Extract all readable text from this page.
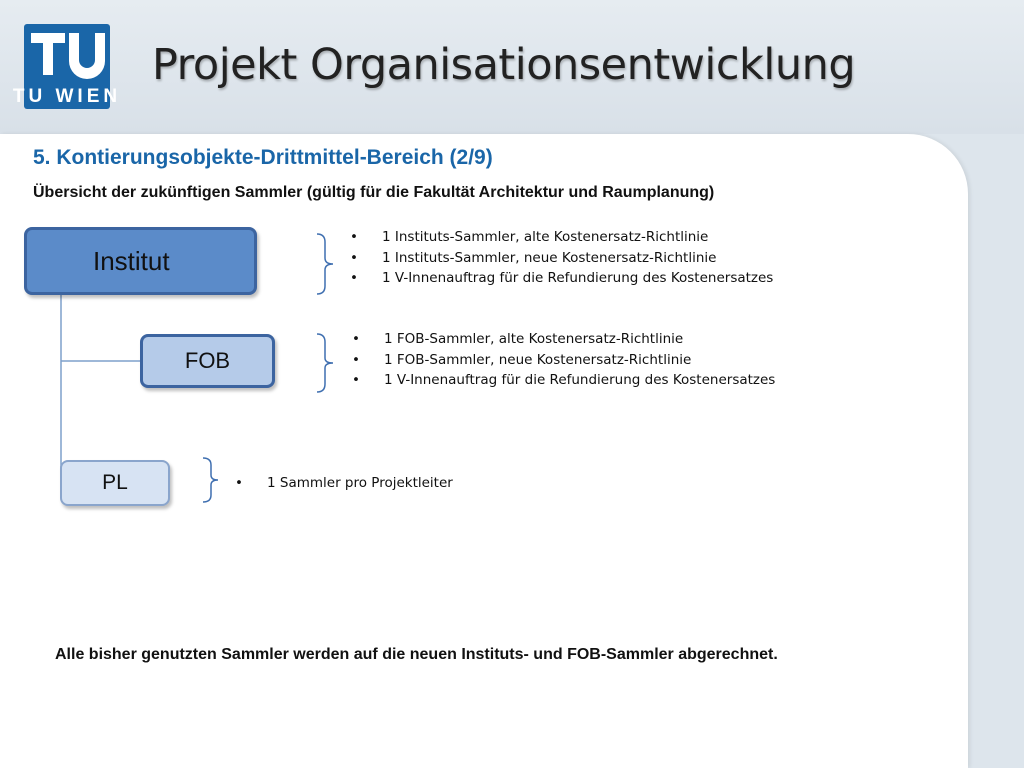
TU WIEN
Projekt Organisationsentwicklung
5. Kontierungsobjekte-Drittmittel-Bereich (2/9)
Übersicht der zukünftigen Sammler (gültig für die Fakultät Architektur und Raumplanung)
Institut
FOB
PL
• 1 Instituts-Sammler, alte Kostenersatz-Richtlinie
• 1 Instituts-Sammler, neue Kostenersatz-Richtlinie
• 1 V-Innenauftrag für die Refundierung des Kostenersatzes
• 1 FOB-Sammler, alte Kostenersatz-Richtlinie
• 1 FOB-Sammler, neue Kostenersatz-Richtlinie
• 1 V-Innenauftrag für die Refundierung des Kostenersatzes
• 1 Sammler pro Projektleiter
Alle bisher genutzten Sammler werden auf die neuen Instituts- und FOB-Sammler abgerechnet.
